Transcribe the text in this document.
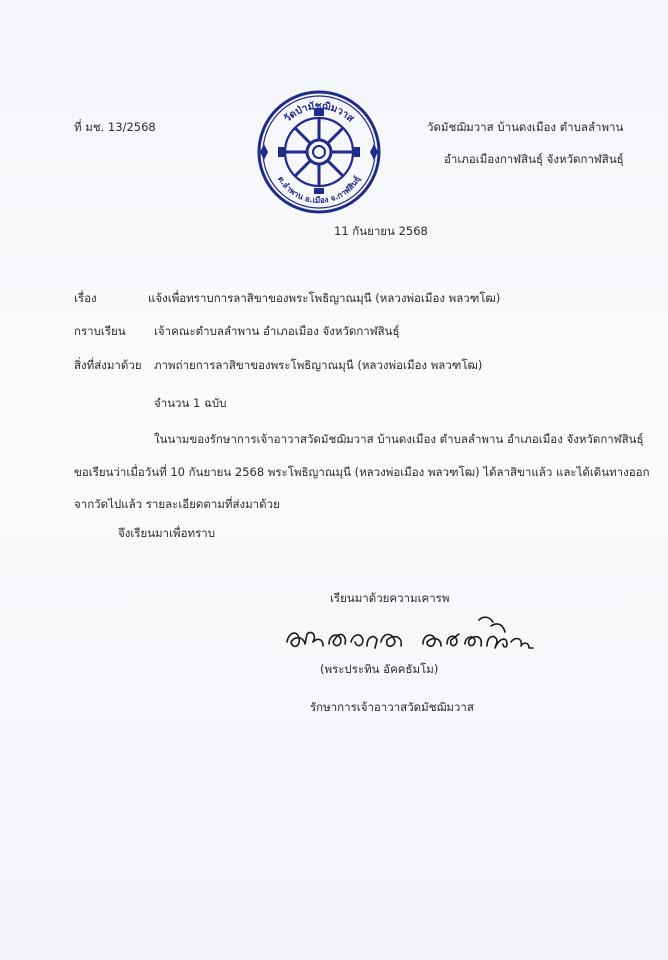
วัดป่ามัชฌิมวาส
ต.ลำพาน อ.เมือง จ.กาฬสินธุ์
ที่ มช. 13/2568	วัดมัชฌิมวาส บ้านดงเมือง ตำบลลำพาน
อำเภอเมืองกาฬสินธุ์ จังหวัดกาฬสินธุ์
11 กันยายน 2568
เรื่อง	แจ้งเพื่อทราบการลาสิขาของพระโพธิญาณมุนี (หลวงพ่อเมือง พลวฑโฒ)
กราบเรียน เจ้าคณะตำบลลำพาน อำเภอเมือง จังหวัดกาฬสินธุ์
สิ่งที่ส่งมาด้วย ภาพถ่ายการลาสิขาของพระโพธิญาณมุนี (หลวงพ่อเมือง พลวฑโฒ)
จำนวน 1 ฉบับ
ในนามของรักษาการเจ้าอาวาสวัดมัชฌิมวาส บ้านดงเมือง ตำบลลำพาน อำเภอเมือง จังหวัดกาฬสินธุ์
ขอเรียนว่าเมื่อวันที่ 10 กันยายน 2568 พระโพธิญาณมุนี (หลวงพ่อเมือง พลวฑโฒ) ได้ลาสิขาแล้ว และได้เดินทางออก
จากวัดไปแล้ว รายละเอียดตามที่ส่งมาด้วย
จึงเรียนมาเพื่อทราบ
เรียนมาด้วยความเคารพ
(พระประทิน อัคคธัมโม)
รักษาการเจ้าอาวาสวัดมัชฌิมวาส
